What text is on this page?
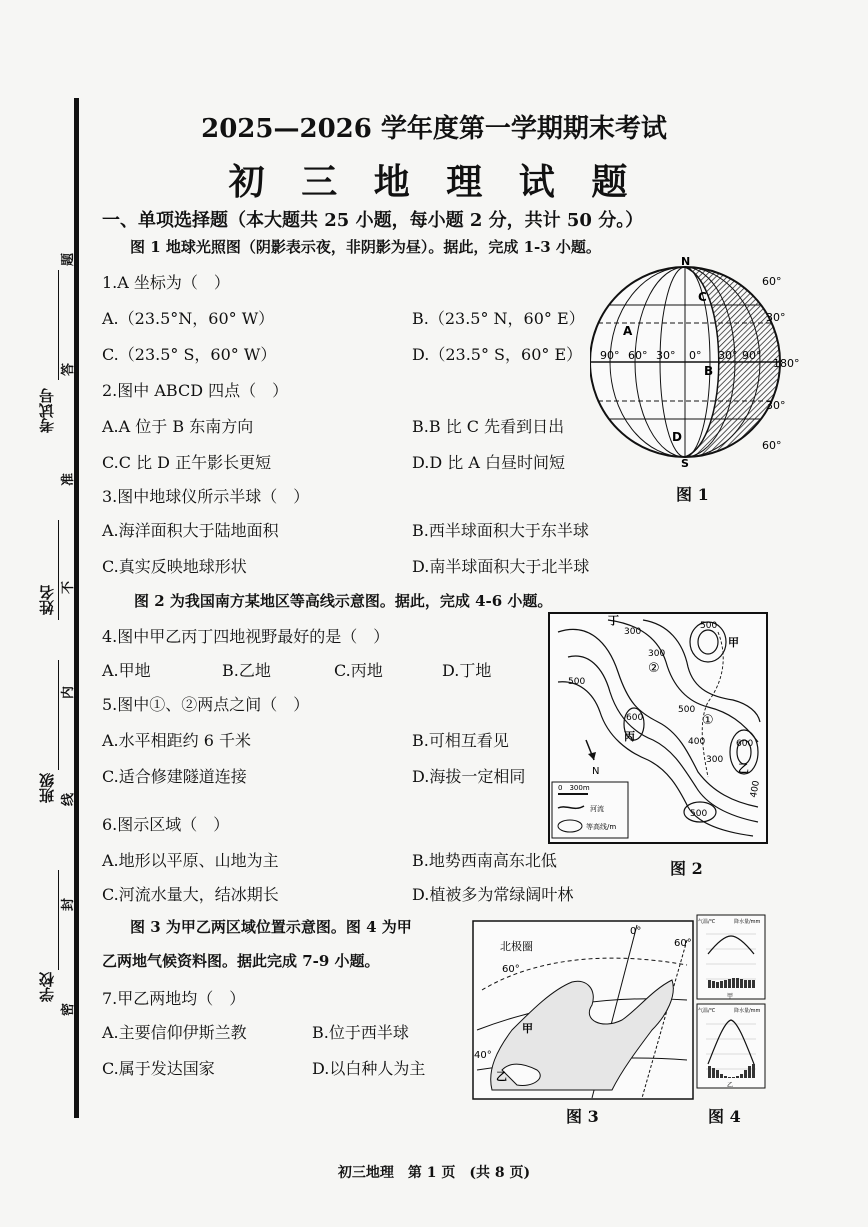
考试号
姓名
班级
学校
密
封
线
内
不
准
答
题
2025—2026 学年度第一学期期末考试
初 三 地 理 试 题
一、单项选择题（本大题共 25 小题，每小题 2 分，共计 50 分。）
图 1 地球光照图（阴影表示夜，非阴影为昼）。据此，完成 1-3 小题。
1.A 坐标为（　）
A.（23.5°N，60° W）	B.（23.5° N，60° E）
C.（23.5° S，60° W）	D.（23.5° S，60° E）
2.图中 ABCD 四点（　）
A.A 位于 B 东南方向	B.B 比 C 先看到日出
C.C 比 D 正午影长更短	D.D 比 A 白昼时间短
3.图中地球仪所示半球（　）
A.海洋面积大于陆地面积	B.西半球面积大于东半球
C.真实反映地球形状	D.南半球面积大于北半球
N
S
60°
30°
180°
30°
60°
90° 60° 30° 0° 30° 90°
A
B
C
D
图 1
图 2 为我国南方某地区等高线示意图。据此，完成 4-6 小题。
4.图中甲乙丙丁四地视野最好的是（　）
A.甲地	B.乙地	C.丙地	D.丁地
5.图中①、②两点之间（　）
A.水平相距约 6 千米	B.可相互看见
C.适合修建隧道连接	D.海拔一定相同
6.图示区域（　）
A.地形以平原、山地为主	B.地势西南高东北低
C.河流水量大，结冰期长	D.植被多为常绿阔叶林
300
500
500
300
600
500
400
300
400
600
500
甲
乙
丙
丁
①
②
N
0　300m
河流
等高线/m
图 2
图 3 为甲乙两区域位置示意图。图 4 为甲
乙两地气候资料图。据此完成 7-9 小题。
7.甲乙两地均（　）
A.主要信仰伊斯兰教	B.位于西半球
C.属于发达国家	D.以白种人为主
北极圈
60°
0°
60°
40°
甲
乙
图 3
气温/℃	降水量/mm
气温/℃	降水量/mm
甲
乙
图 4
初三地理　第 1 页　(共 8 页)
